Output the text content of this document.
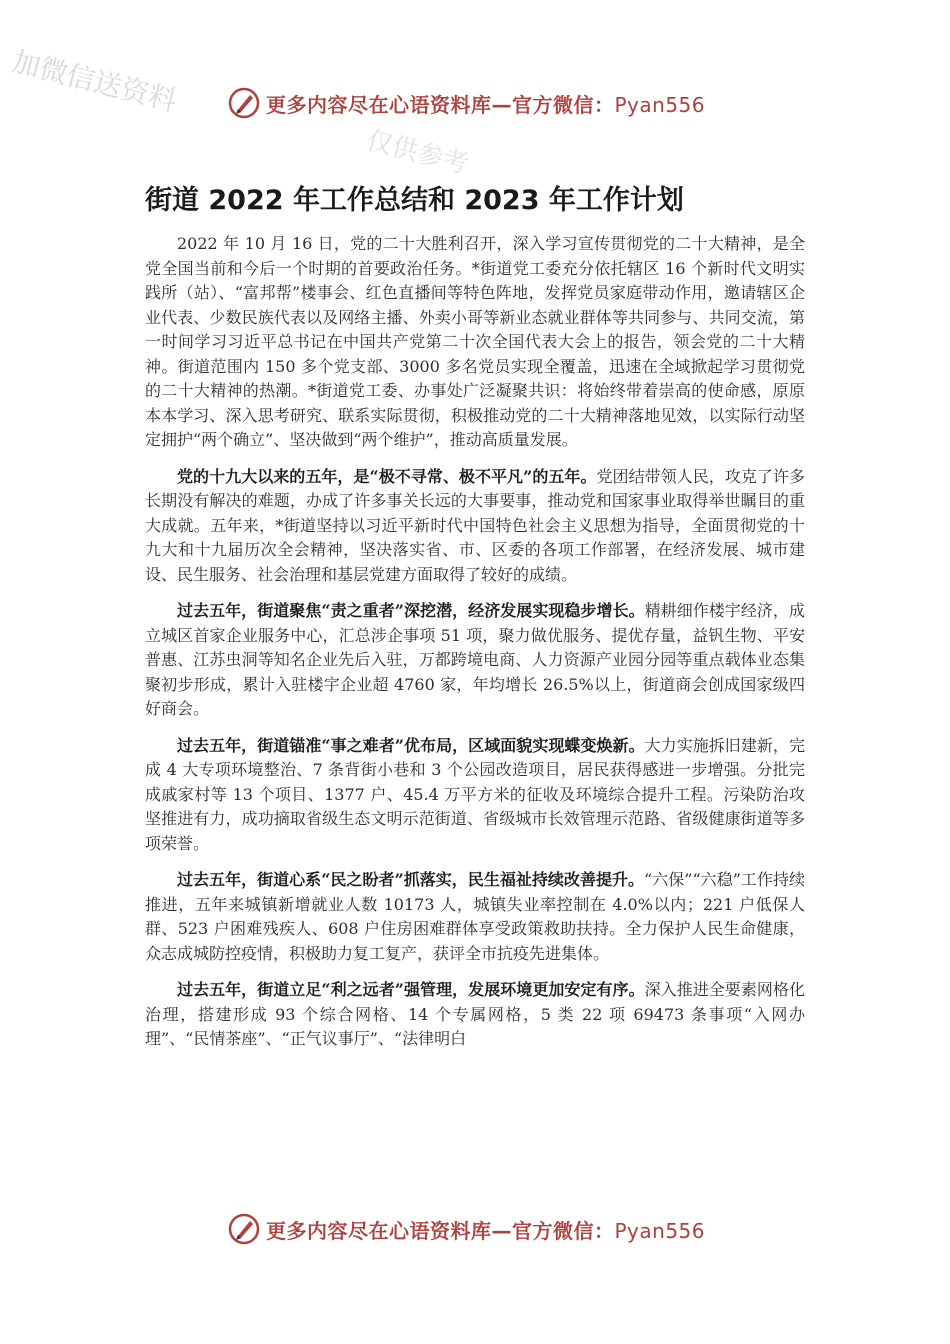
加微信送资料
仅供参考
更多内容尽在心语资料库—官方微信：Pyan556
街道 2022 年工作总结和 2023 年工作计划

2022 年 10 月 16 日，党的二十大胜利召开，深入学习宣传贯彻党的二十大精神，是全党全国当前和今后一个时期的首要政治任务。*街道党工委充分依托辖区 16 个新时代文明实践所（站）、“富邦帮”楼事会、红色直播间等特色阵地，发挥党员家庭带动作用，邀请辖区企业代表、少数民族代表以及网络主播、外卖小哥等新业态就业群体等共同参与、共同交流，第一时间学习习近平总书记在中国共产党第二十次全国代表大会上的报告，领会党的二十大精神。街道范围内 150 多个党支部、3000 多名党员实现全覆盖，迅速在全域掀起学习贯彻党的二十大精神的热潮。*街道党工委、办事处广泛凝聚共识：将始终带着崇高的使命感，原原本本学习、深入思考研究、联系实际贯彻，积极推动党的二十大精神落地见效，以实际行动坚定拥护“两个确立”、坚决做到“两个维护”，推动高质量发展。

党的十九大以来的五年，是“极不寻常、极不平凡”的五年。党团结带领人民，攻克了许多长期没有解决的难题，办成了许多事关长远的大事要事，推动党和国家事业取得举世瞩目的重大成就。五年来，*街道坚持以习近平新时代中国特色社会主义思想为指导，全面贯彻党的十九大和十九届历次全会精神，坚决落实省、市、区委的各项工作部署，在经济发展、城市建设、民生服务、社会治理和基层党建方面取得了较好的成绩。

过去五年，街道聚焦“责之重者”深挖潜，经济发展实现稳步增长。精耕细作楼宇经济，成立城区首家企业服务中心，汇总涉企事项 51 项，聚力做优服务、提优存量，益钒生物、平安普惠、江苏虫洞等知名企业先后入驻，万都跨境电商、人力资源产业园分园等重点载体业态集聚初步形成，累计入驻楼宇企业超 4760 家，年均增长 26.5%以上，街道商会创成国家级四好商会。

过去五年，街道锚准“事之难者”优布局，区域面貌实现蝶变焕新。大力实施拆旧建新，完成 4 大专项环境整治、7 条背街小巷和 3 个公园改造项目，居民获得感进一步增强。分批完成戚家村等 13 个项目、1377 户、45.4 万平方米的征收及环境综合提升工程。污染防治攻坚推进有力，成功摘取省级生态文明示范街道、省级城市长效管理示范路、省级健康街道等多项荣誉。

过去五年，街道心系“民之盼者”抓落实，民生福祉持续改善提升。“六保”“六稳”工作持续推进，五年来城镇新增就业人数 10173 人，城镇失业率控制在 4.0%以内；221 户低保人群、523 户困难残疾人、608 户住房困难群体享受政策救助扶持。全力保护人民生命健康，众志成城防控疫情，积极助力复工复产，获评全市抗疫先进集体。

过去五年，街道立足“利之远者”强管理，发展环境更加安定有序。深入推进全要素网格化治理，搭建形成 93 个综合网格、14 个专属网格，5 类 22 项 69473 条事项“入网办理”、“民情茶座”、“正气议事厅”、“法律明白

更多内容尽在心语资料库—官方微信：Pyan556
